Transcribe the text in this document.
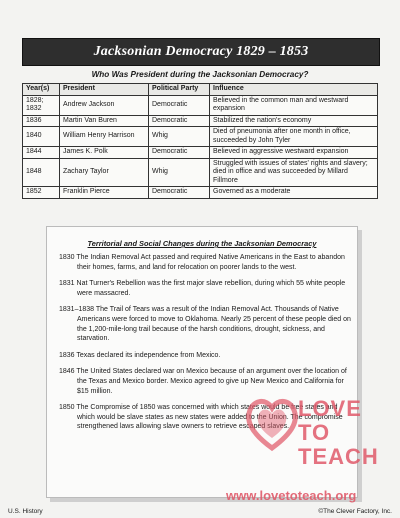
Jacksonian Democracy 1829 – 1853
Who Was President during the Jacksonian Democracy?
Year(s)	President	Political Party	Influence
1828; 1832	Andrew Jackson	Democratic	Believed in the common man and westward expansion
1836	Martin Van Buren	Democratic	Stabilized the nation's economy
1840	William Henry Harrison	Whig	Died of pneumonia after one month in office, succeeded by John Tyler
1844	James K. Polk	Democratic	Believed in aggressive westward expansion
1848	Zachary Taylor	Whig	Struggled with issues of states' rights and slavery; died in office and was succeeded by Millard Fillmore
1852	Franklin Pierce	Democratic	Governed as a moderate
Territorial and Social Changes during the Jacksonian Democracy
1830 The Indian Removal Act passed and required Native Americans in the East to abandon their homes, farms, and land for relocation on poorer lands to the west.
1831 Nat Turner's Rebellion was the first major slave rebellion, during which 55 white people were massacred.
1831–1838 The Trail of Tears was a result of the Indian Removal Act. Thousands of Native Americans were forced to move to Oklahoma. Nearly 25 percent of these people died on the 1,200-mile-long trail because of the harsh conditions, drought, sickness, and starvation.
1836 Texas declared its independence from Mexico.
1846 The United States declared war on Mexico because of an argument over the location of the Texas and Mexico border. Mexico agreed to give up New Mexico and California for $15 million.
1850 The Compromise of 1850 was concerned with which states would be free states and which would be slave states as new states were added to the Union. The compromise strengthened laws allowing slave owners to retrieve escaped slaves.
LOVE
TO
TEACH
www.lovetoteach.org
U.S. History	©The Clever Factory, Inc.
